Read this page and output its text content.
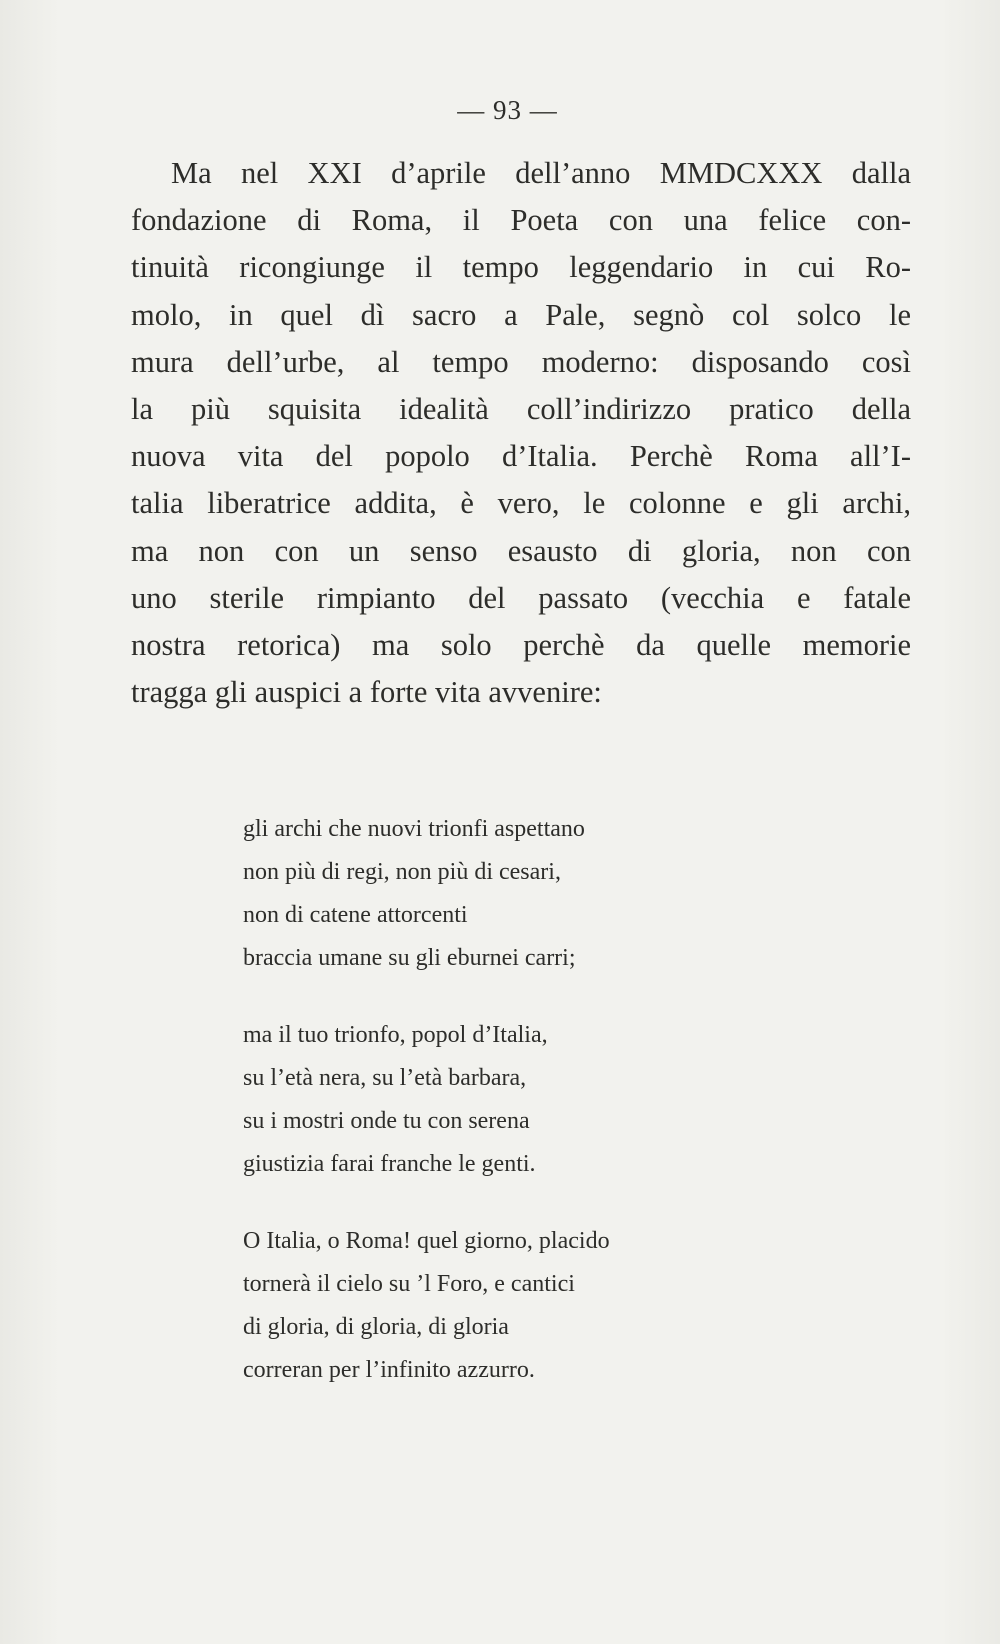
— 93 —
Ma nel XXI d’aprile dell’anno MMDCXXX dalla
fondazione di Roma, il Poeta con una felice con-
tinuità ricongiunge il tempo leggendario in cui Ro-
molo, in quel dì sacro a Pale, segnò col solco le
mura dell’urbe, al tempo moderno: disposando così
la più squisita idealità coll’indirizzo pratico della
nuova vita del popolo d’Italia. Perchè Roma all’I-
talia liberatrice addita, è vero, le colonne e gli archi,
ma non con un senso esausto di gloria, non con
uno sterile rimpianto del passato (vecchia e fatale
nostra retorica) ma solo perchè da quelle memorie
tragga gli auspici a forte vita avvenire:
gli archi che nuovi trionfi aspettano
non più di regi, non più di cesari,
non di catene attorcenti
braccia umane su gli eburnei carri;
ma il tuo trionfo, popol d’Italia,
su l’età nera, su l’età barbara,
su i mostri onde tu con serena
giustizia farai franche le genti.
O Italia, o Roma! quel giorno, placido
tornerà il cielo su ’l Foro, e cantici
di gloria, di gloria, di gloria
correran per l’infinito azzurro.
